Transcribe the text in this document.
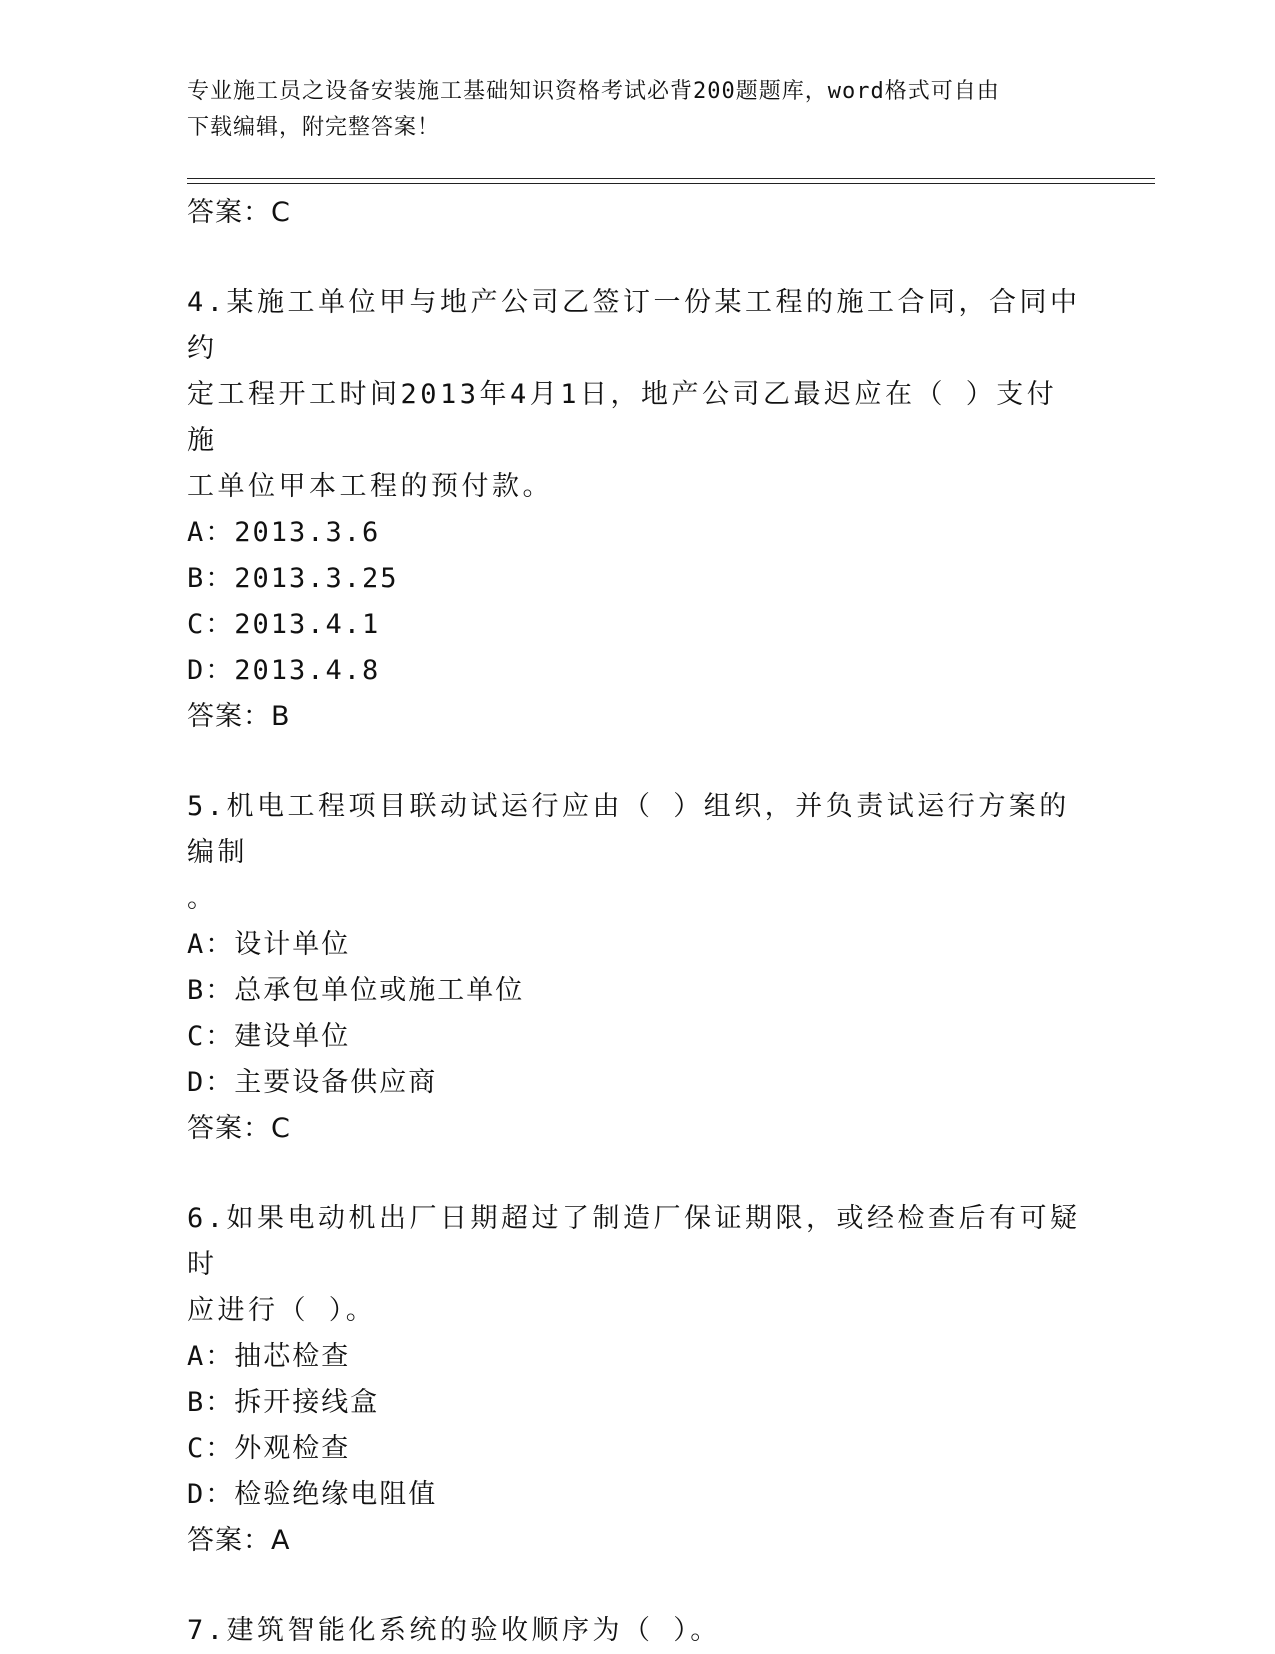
专业施工员之设备安装施工基础知识资格考试必背200题题库，word格式可自由
下载编辑，附完整答案！
答案：C
4.某施工单位甲与地产公司乙签订一份某工程的施工合同，合同中约
定工程开工时间2013年4月1日，地产公司乙最迟应在（ ）支付施
工单位甲本工程的预付款。
A：2013.3.6
B：2013.3.25
C：2013.4.1
D：2013.4.8
答案：B
5.机电工程项目联动试运行应由（ ）组织，并负责试运行方案的编制
。
A：设计单位
B：总承包单位或施工单位
C：建设单位
D：主要设备供应商
答案：C
6.如果电动机出厂日期超过了制造厂保证期限，或经检查后有可疑时
应进行（ ）。
A：抽芯检查
B：拆开接线盒
C：外观检查
D：检验绝缘电阻值
答案：A
7.建筑智能化系统的验收顺序为（ ）。
